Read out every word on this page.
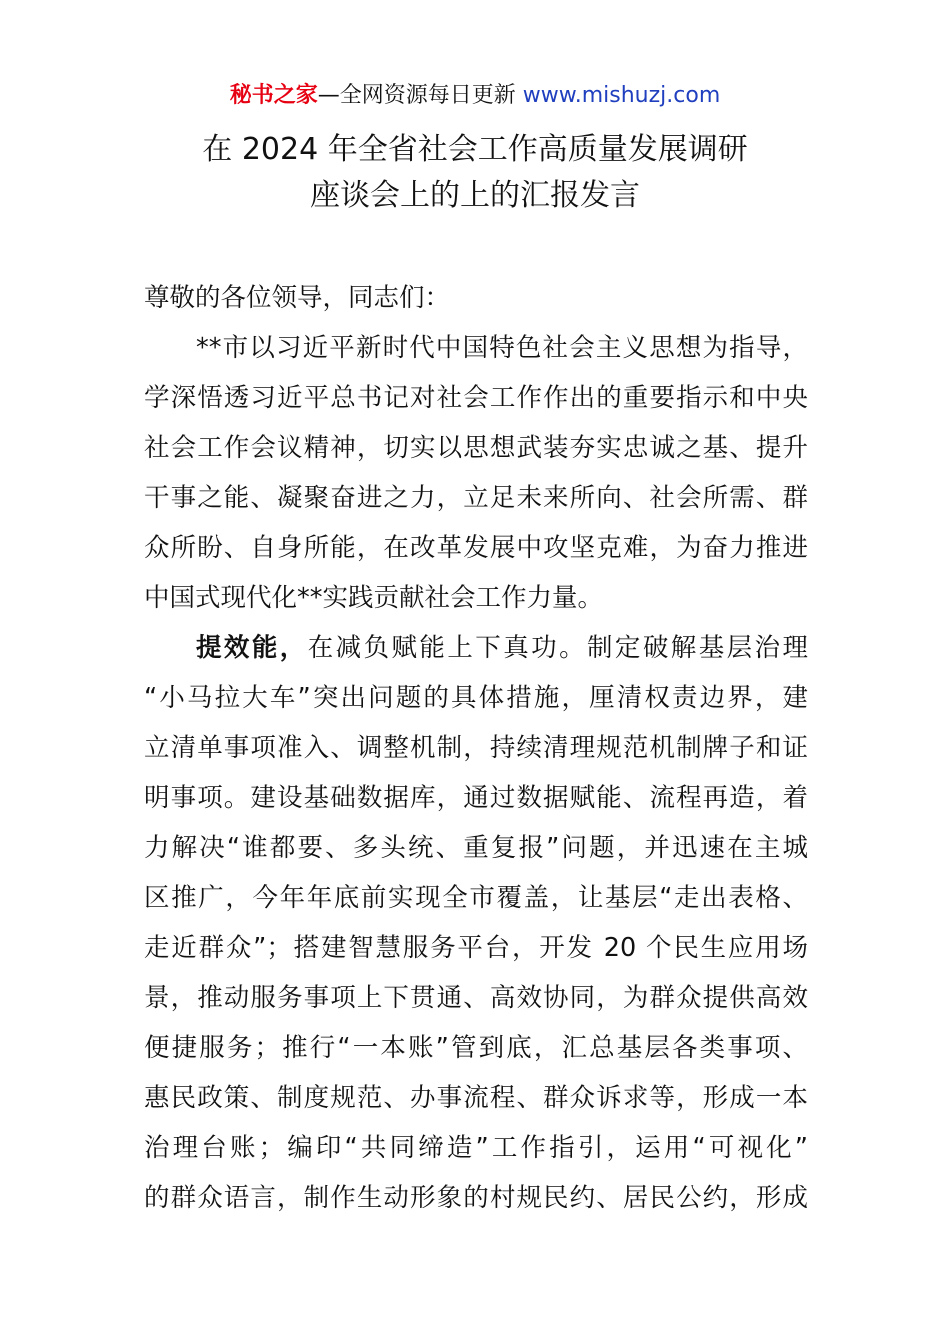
秘书之家—全网资源每日更新 www.mishuzj.com
在 2024 年全省社会工作高质量发展调研
座谈会上的上的汇报发言
尊敬的各位领导，同志们：
**市以习近平新时代中国特色社会主义思想为指导，
学深悟透习近平总书记对社会工作作出的重要指示和中央
社会工作会议精神，切实以思想武装夯实忠诚之基、提升
干事之能、凝聚奋进之力，立足未来所向、社会所需、群
众所盼、自身所能，在改革发展中攻坚克难，为奋力推进
中国式现代化**实践贡献社会工作力量。
提效能，在减负赋能上下真功。制定破解基层治理
“小马拉大车”突出问题的具体措施，厘清权责边界，建
立清单事项准入、调整机制，持续清理规范机制牌子和证
明事项。建设基础数据库，通过数据赋能、流程再造，着
力解决“谁都要、多头统、重复报”问题，并迅速在主城
区推广，今年年底前实现全市覆盖，让基层“走出表格、
走近群众”；搭建智慧服务平台，开发 20 个民生应用场
景，推动服务事项上下贯通、高效协同，为群众提供高效
便捷服务；推行“一本账”管到底，汇总基层各类事项、
惠民政策、制度规范、办事流程、群众诉求等，形成一本
治理台账；编印“共同缔造”工作指引，运用“可视化”
的群众语言，制作生动形象的村规民约、居民公约，形成
